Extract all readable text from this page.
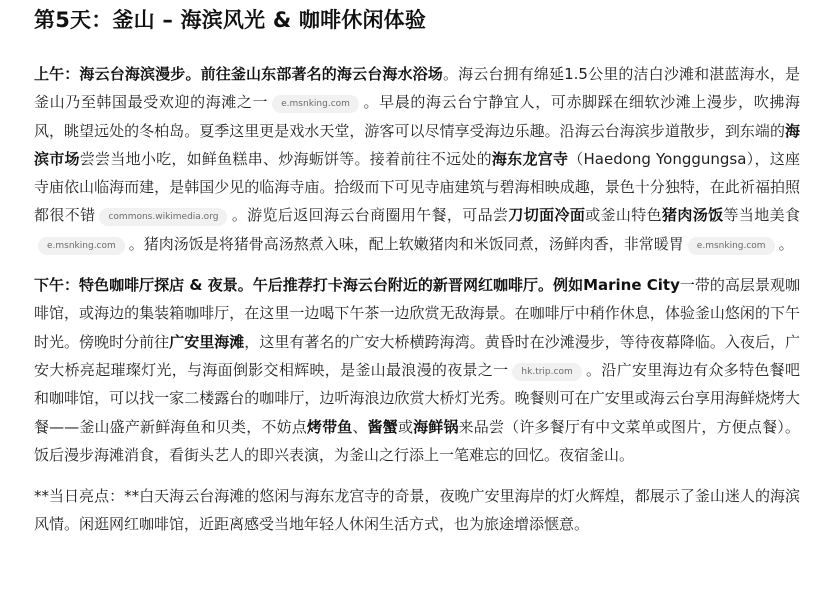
第5天：釜山 – 海滨风光 & 咖啡休闲体验

上午：海云台海滨漫步。前往釜山东部著名的海云台海水浴场。海云台拥有绵延1.5公里的洁白沙滩和湛蓝海水，是釜山乃至韩国最受欢迎的海滩之一 e.msnking.com 。早晨的海云台宁静宜人，可赤脚踩在细软沙滩上漫步，吹拂海风，眺望远处的冬柏岛。夏季这里更是戏水天堂，游客可以尽情享受海边乐趣。沿海云台海滨步道散步，到东端的海滨市场尝尝当地小吃，如鲜鱼糕串、炒海蛎饼等。接着前往不远处的海东龙宫寺（Haedong Yonggungsa），这座寺庙依山临海而建，是韩国少见的临海寺庙。拾级而下可见寺庙建筑与碧海相映成趣，景色十分独特，在此祈福拍照都很不错 commons.wikimedia.org 。游览后返回海云台商圈用午餐，可品尝刀切面冷面或釜山特色猪肉汤饭等当地美食e.msnking.com 。猪肉汤饭是将猪骨高汤熬煮入味，配上软嫩猪肉和米饭同煮，汤鲜肉香，非常暖胃 e.msnking.com 。

下午：特色咖啡厅探店 & 夜景。午后推荐打卡海云台附近的新晋网红咖啡厅。例如Marine City一带的高层景观咖啡馆，或海边的集装箱咖啡厅，在这里一边喝下午茶一边欣赏无敌海景。在咖啡厅中稍作休息，体验釜山悠闲的下午时光。傍晚时分前往广安里海滩，这里有著名的广安大桥横跨海湾。黄昏时在沙滩漫步，等待夜幕降临。入夜后，广安大桥亮起璀璨灯光，与海面倒影交相辉映，是釜山最浪漫的夜景之一 hk.trip.com 。沿广安里海边有众多特色餐吧和咖啡馆，可以找一家二楼露台的咖啡厅，边听海浪边欣赏大桥灯光秀。晚餐则可在广安里或海云台享用海鲜烧烤大餐——釜山盛产新鲜海鱼和贝类，不妨点烤带鱼、酱蟹或海鲜锅来品尝（许多餐厅有中文菜单或图片，方便点餐）。饭后漫步海滩消食，看街头艺人的即兴表演，为釜山之行添上一笔难忘的回忆。夜宿釜山。

**当日亮点：**白天海云台海滩的悠闲与海东龙宫寺的奇景，夜晚广安里海岸的灯火辉煌，都展示了釜山迷人的海滨风情。闲逛网红咖啡馆，近距离感受当地年轻人休闲生活方式，也为旅途增添惬意。
